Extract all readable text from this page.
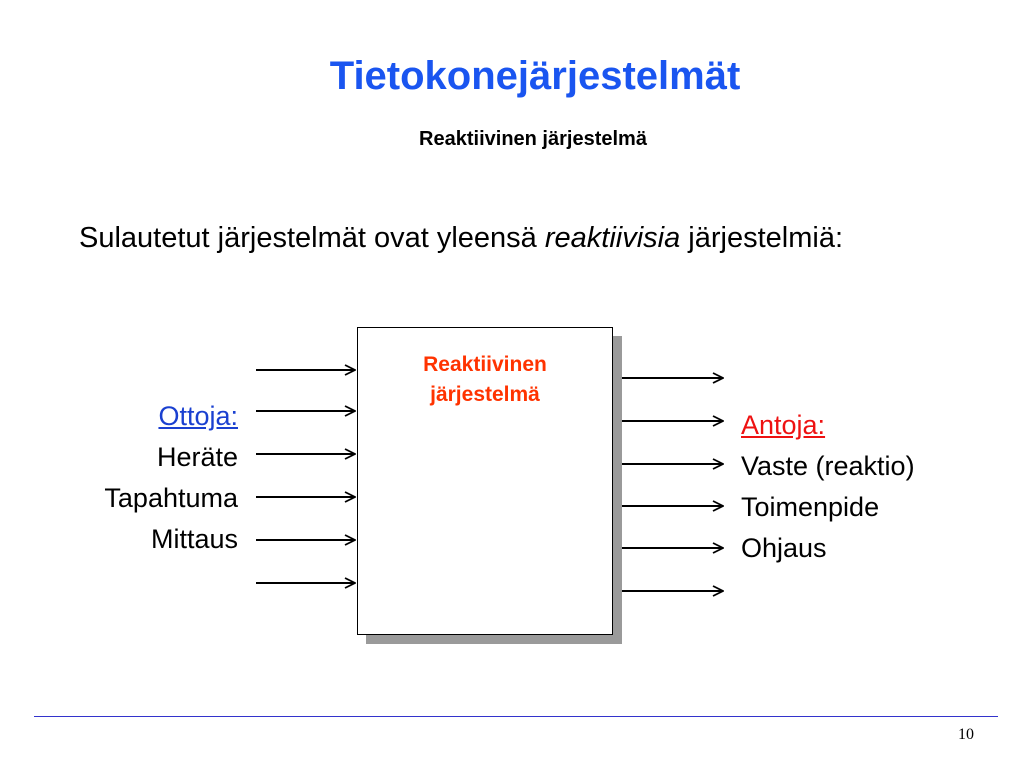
Tietokonejärjestelmät
Reaktiivinen järjestelmä
Sulautetut järjestelmät ovat yleensä reaktiivisia järjestelmiä:
Reaktiivinen
järjestelmä
Ottoja:
Heräte
Tapahtuma
Mittaus
Antoja:
Vaste (reaktio)
Toimenpide
Ohjaus
10
